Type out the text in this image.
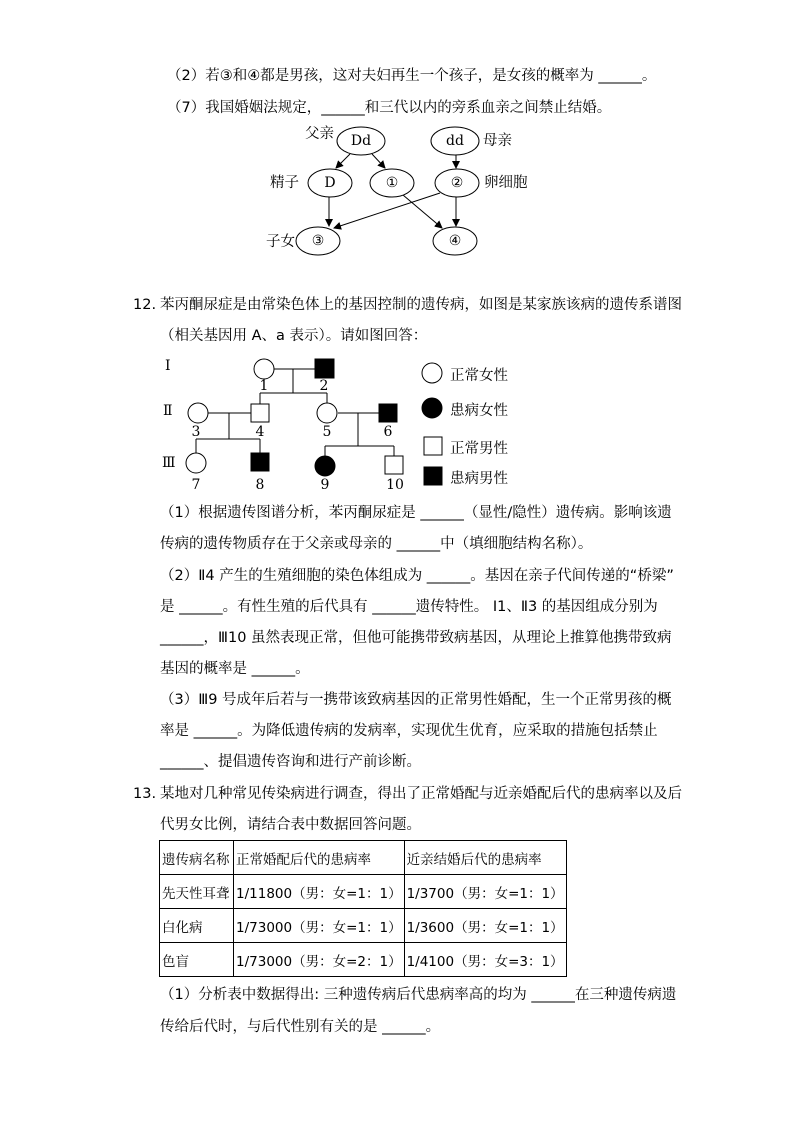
（2）若③和④都是男孩，这对夫妇再生一个孩子，是女孩的概率为 ______。
（7）我国婚姻法规定，______和三代以内的旁系血亲之间禁止结婚。
父亲	母亲
Dd	dd
精子	卵细胞
D	①	②
子女	③	④
12. 苯丙酮尿症是由常染色体上的基因控制的遗传病，如图是某家族该病的遗传系谱图
（相关基因用 A、a 表示）。请如图回答：
Ⅰ
Ⅱ
Ⅲ
1	2
3	4	5	6
7	8	9	10
正常女性
患病女性
正常男性
患病男性
（1）根据遗传图谱分析，苯丙酮尿症是 ______（显性/隐性）遗传病。影响该遗
传病的遗传物质存在于父亲或母亲的 ______中（填细胞结构名称）。
（2）Ⅱ4 产生的生殖细胞的染色体组成为 ______。基因在亲子代间传递的“桥梁”
是 ______。有性生殖的后代具有 ______遗传特性。 Ⅰ1、Ⅱ3 的基因组成分别为
______，Ⅲ10 虽然表现正常，但他可能携带致病基因，从理论上推算他携带致病
基因的概率是 ______。
（3）Ⅲ9 号成年后若与一携带该致病基因的正常男性婚配，生一个正常男孩的概
率是 ______。为降低遗传病的发病率，实现优生优育，应采取的措施包括禁止
______、提倡遗传咨询和进行产前诊断。
13. 某地对几种常见传染病进行调查，得出了正常婚配与近亲婚配后代的患病率以及后
代男女比例，请结合表中数据回答问题。
遗传病名称	正常婚配后代的患病率	近亲结婚后代的患病率
先天性耳聋	1/11800（男：女=1：1）	1/3700（男：女=1：1）
白化病	1/73000（男：女=1：1）	1/3600（男：女=1：1）
色盲	1/73000（男：女=2：1）	1/4100（男：女=3：1）
（1）分析表中数据得出: 三种遗传病后代患病率高的均为 ______在三种遗传病遗
传给后代时，与后代性别有关的是 ______。
